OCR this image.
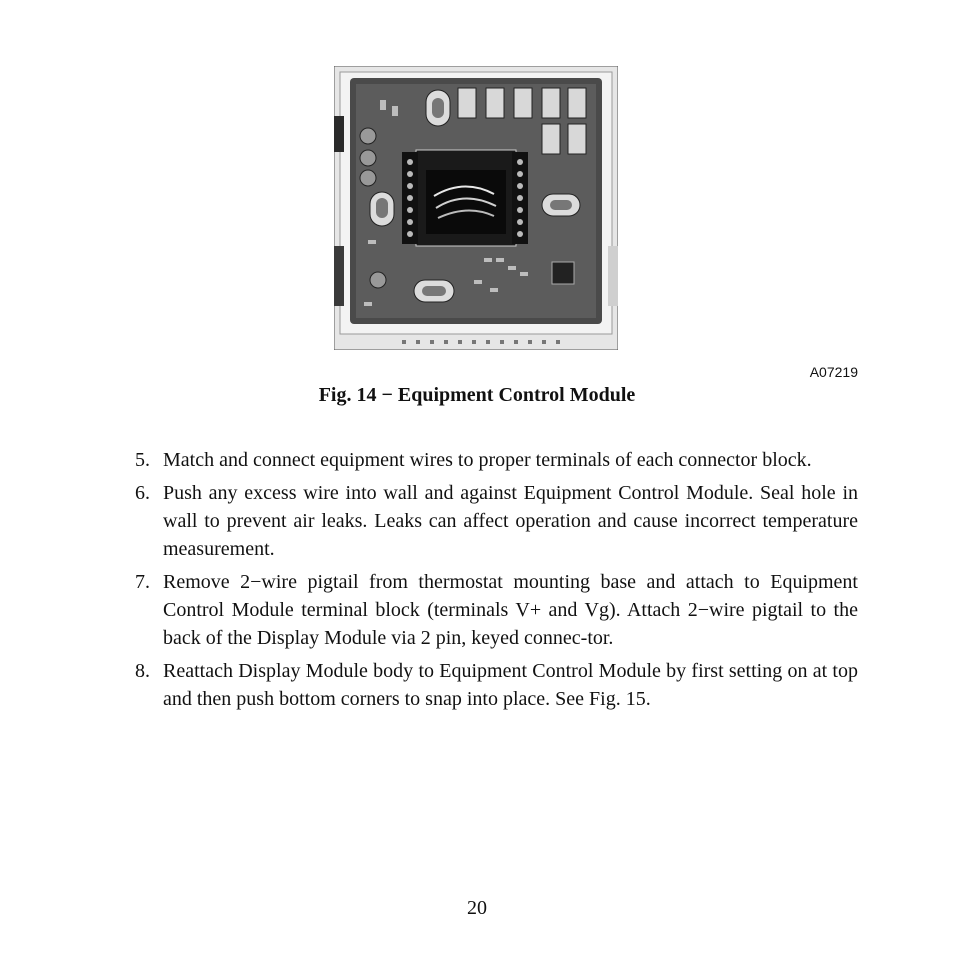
A07219
Fig. 14 − Equipment Control Module
5. Match and connect equipment wires to proper terminals of each connector block.
6. Push any excess wire into wall and against Equipment Control Module. Seal hole in wall to prevent air leaks. Leaks can affect operation and cause incorrect temperature measurement.
7. Remove 2−wire pigtail from thermostat mounting base and attach to Equipment Control Module terminal block (terminals V+ and Vg). Attach 2−wire pigtail to the back of the Display Module via 2 pin, keyed connec-tor.
8. Reattach Display Module body to Equipment Control Module by first setting on at top and then push bottom corners to snap into place. See Fig. 15.
20
